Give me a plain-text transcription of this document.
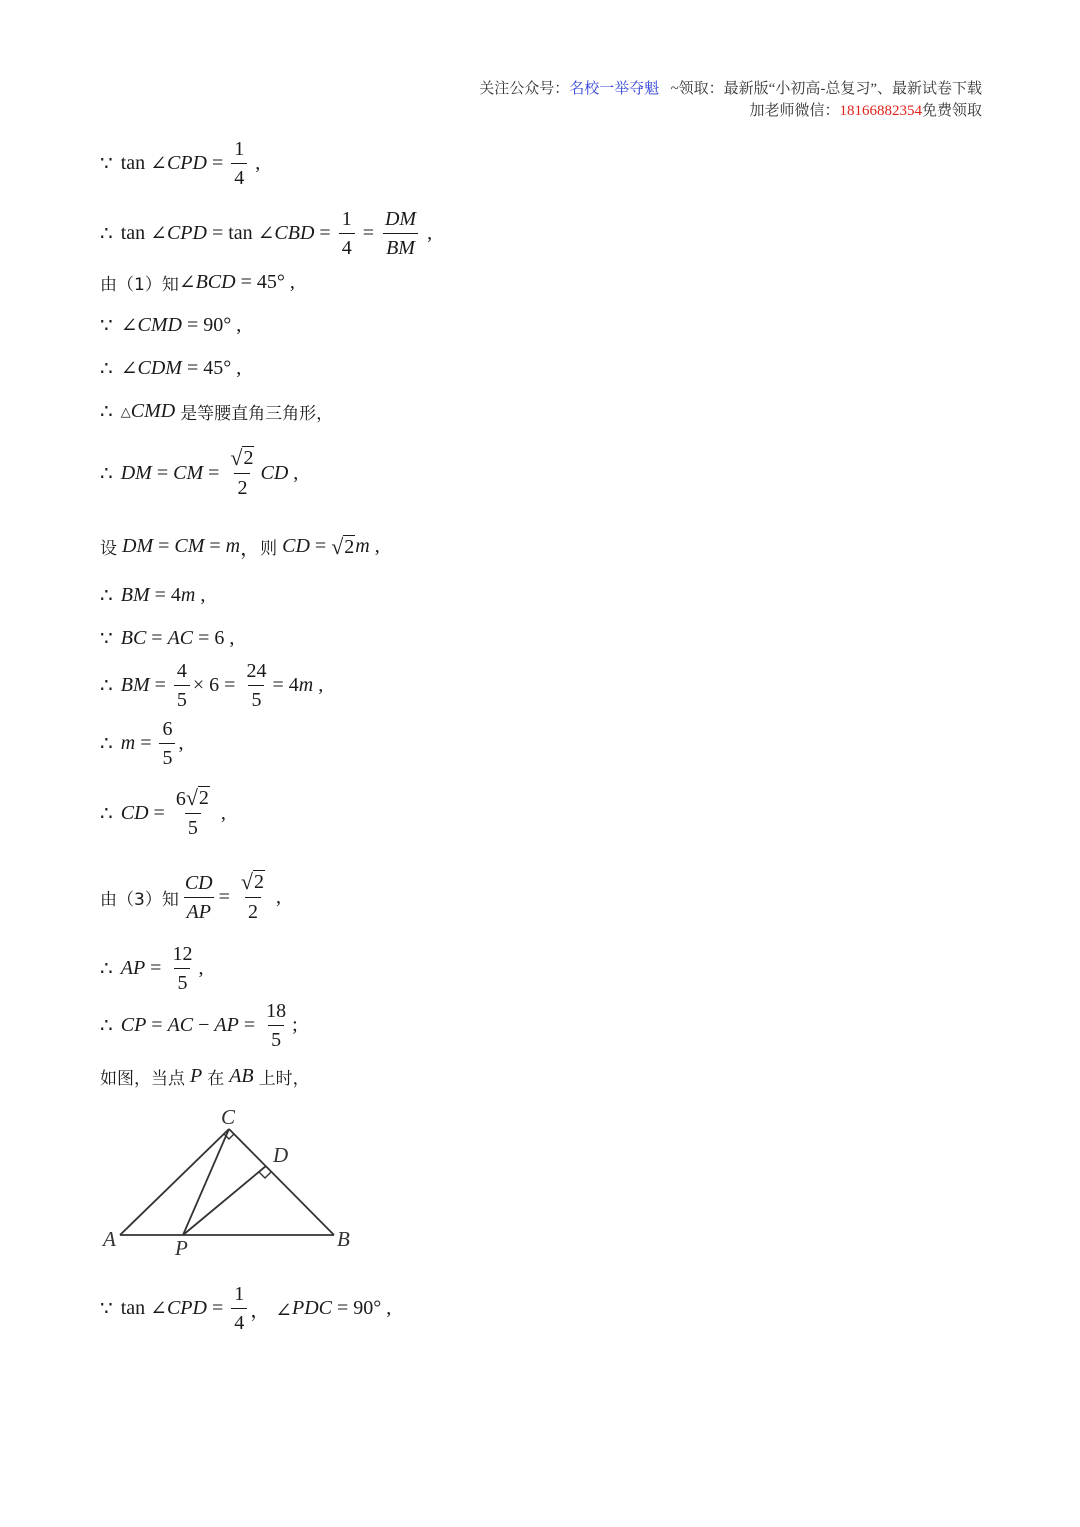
关注公众号：名校一举夺魁 ~领取：最新版“小初高-总复习”、最新试卷下载
加老师微信：18166882354免费领取
∵ tan ∠ CPD = $\frac{1}{4}$ ,
∴ tan ∠ CPD = tan ∠ CBD = $\frac{1}{4} = \frac{DM}{BM}$ ,
由 （1）知 ∠ BCD = 45° ,
∵ ∠ CMD = 90° ,
∴ ∠ CDM = 45° ,
∴ △ CMD
是等腰直角三角形，
∴ DM = CM = $\frac{√ 2}{2}$ CD ,
设
DM = CM = m ， 则
CD = √ 2 m ,
∴ BM = 4 m ,
∵ BC = AC = 6 ,
∴ BM = $\frac{4}{5} \times 6 = \frac{24}{5} = 4$ m ,
∴ $m = \frac{6}{5}$ ,
∴ CD = $\frac{6 √ 2}{5}$ ,
由 （3）知 $\frac{CD}{AP} = \frac{√ 2}{2}$ ,
∴ AP = $\frac{12}{5}$ ,
∴ CP = AC − AP = $\frac{18}{5}$ ;
如图，当点
P
在
AB
上时，
C
D
A	P	B
∵ tan ∠ CPD = $\frac{1}{4}$ ， ∠ PDC = 90° ,
